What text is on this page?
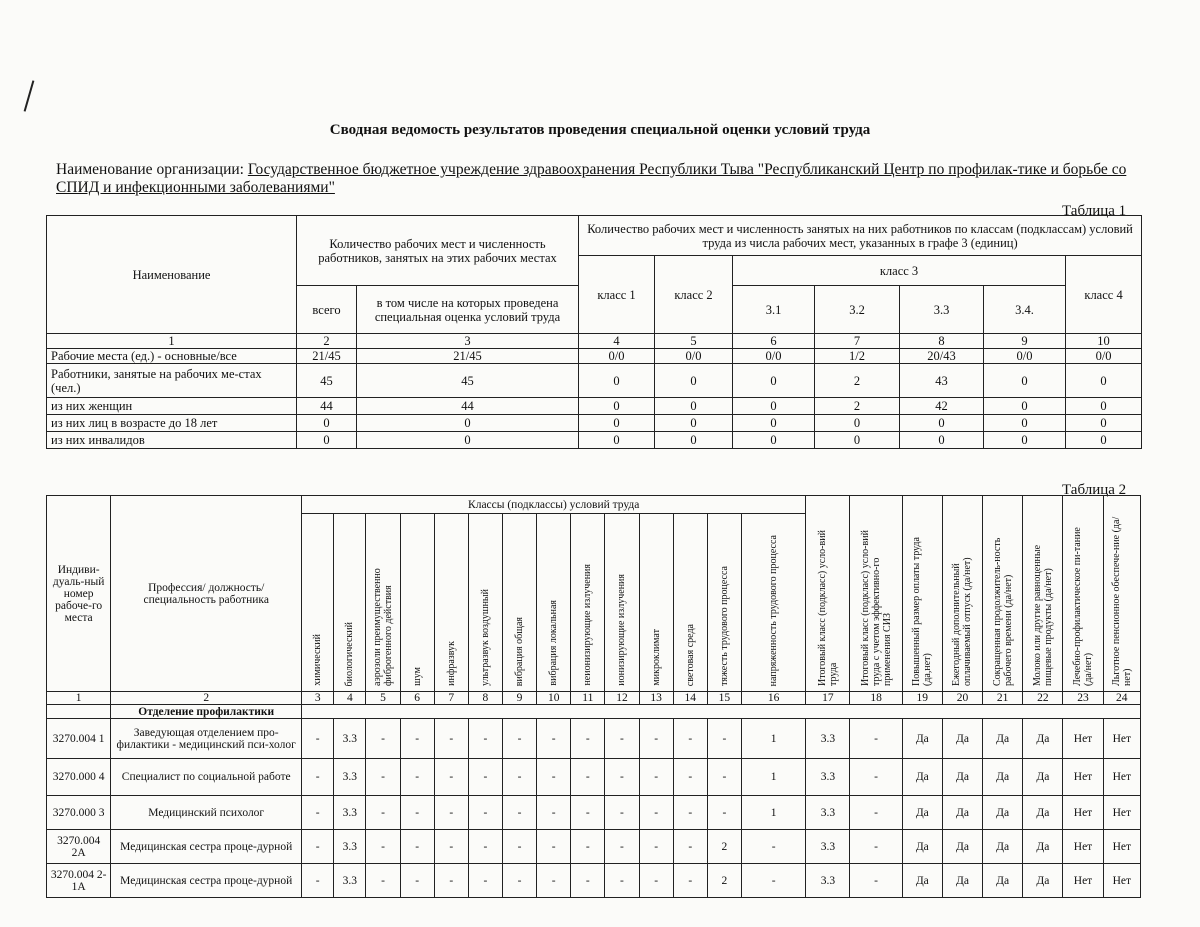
Сводная ведомость результатов проведения специальной оценки условий труда
Наименование организации: Государственное бюджетное учреждение здравоохранения Республики Тыва "Республиканский Центр по профилак-тике и борьбе со СПИД и инфекционными заболеваниями"
Таблица 1
Наименование	Количество рабочих мест и численность работников, занятых на этих рабочих местах		Количество рабочих мест и численность занятых на них работников по классам (подклассам) условий труда из числа рабочих мест, указанных в графе 3 (единиц)						
			класс 1	класс 2	класс 3				класс 4
	всего	в том числе на которых проведена специальная оценка условий труда			3.1	3.2	3.3	3.4.	
1	2	3	4	5	6	7	8	9	10
Рабочие места (ед.) - основные/все	21/45	21/45	0/0	0/0	0/0	1/2	20/43	0/0	0/0
Работники, занятые на рабочих ме-стах (чел.)	45	45	0	0	0	2	43	0	0
из них женщин	44	44	0	0	0	2	42	0	0
из них лиц в возрасте до 18 лет	0	0	0	0	0	0	0	0	0
из них инвалидов	0	0	0	0	0	0	0	0	0
Таблица 2
Индиви-дуаль-ный номер рабоче-го места	Профессия/ должность/ специальность работника	Классы (подклассы) условий труда														Итоговый класс (подкласс) усло-вий труда	Итоговый класс (подкласс) усло-вий труда с учетом эффективно-го применения СИЗ	Повышенный размер оплаты труда (да,нет)	Ежегодный дополнительный оплачиваемый отпуск (да/нет)	Сокращенная продолжитель-ность рабочего времени (да/нет)	Молоко или другие равноценные пищевые продукты (да/нет)	Лечебно-профилактическое пи-тание (да/нет)	Льготное пенсионное обеспече-ние (да/нет)
		химический	биологический	аэрозоли преимущественно фиброгенного действия	шум	инфразвук	ультразвук воздушный	вибрация общая	вибрация локальная	неионизирующие излучения	ионизирующие излучения	микроклимат	световая среда	тяжесть трудового процесса	напряженность трудового процесса								
1	2	3	4	5	6	7	8	9	10	11	12	13	14	15	16	17	18	19	20	21	22	23	24
	Отделение профилактики																						
3270.004 1	Заведующая отделением про-филактики - медицинский пси-холог	-	3.3	-	-	-	-	-	-	-	-	-	-	-	1	3.3	-	Да	Да	Да	Да	Нет	Нет
3270.000 4	Специалист по социальной работе	-	3.3	-	-	-	-	-	-	-	-	-	-	-	1	3.3	-	Да	Да	Да	Да	Нет	Нет
3270.000 3	Медицинский психолог	-	3.3	-	-	-	-	-	-	-	-	-	-	-	1	3.3	-	Да	Да	Да	Да	Нет	Нет
3270.004 2А	Медицинская сестра проце-дурной	-	3.3	-	-	-	-	-	-	-	-	-	-	2	-	3.3	-	Да	Да	Да	Да	Нет	Нет
3270.004 2-1А	Медицинская сестра проце-дурной	-	3.3	-	-	-	-	-	-	-	-	-	-	2	-	3.3	-	Да	Да	Да	Да	Нет	Нет
